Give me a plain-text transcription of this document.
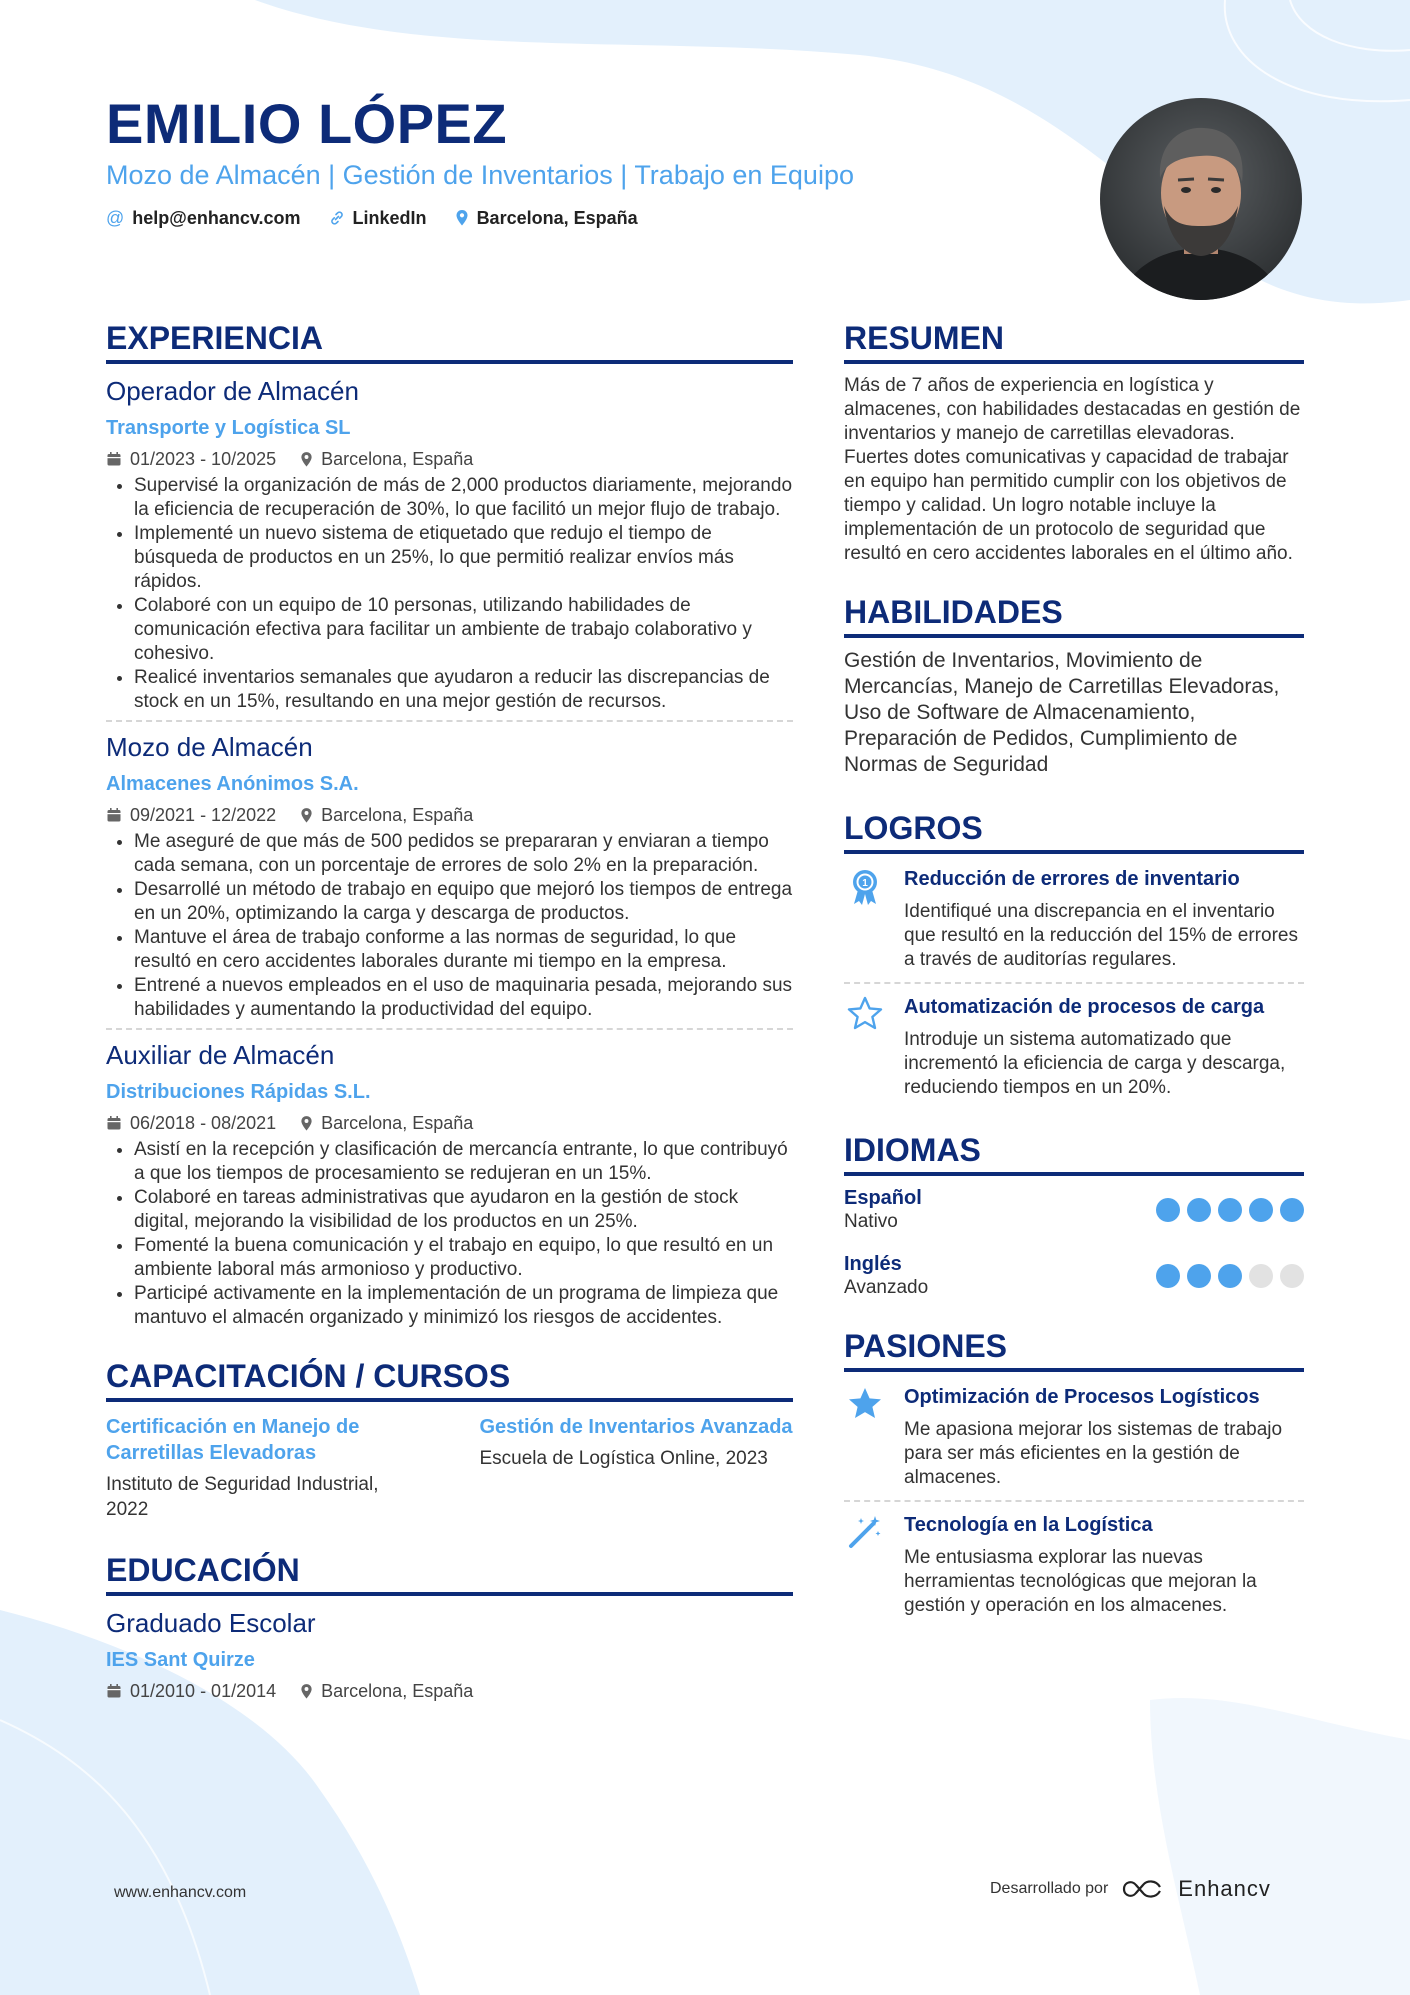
EMILIO LÓPEZ
Mozo de Almacén | Gestión de Inventarios | Trabajo en Equipo
@ help@enhancv.com	LinkedIn	Barcelona, España
EXPERIENCIA
Operador de Almacén
Transporte y Logística SL
01/2023 - 10/2025	Barcelona, España
• Supervisé la organización de más de 2,000 productos diariamente, mejorando la eficiencia de recuperación de 30%, lo que facilitó un mejor flujo de trabajo.
• Implementé un nuevo sistema de etiquetado que redujo el tiempo de búsqueda de productos en un 25%, lo que permitió realizar envíos más rápidos.
• Colaboré con un equipo de 10 personas, utilizando habilidades de comunicación efectiva para facilitar un ambiente de trabajo colaborativo y cohesivo.
• Realicé inventarios semanales que ayudaron a reducir las discrepancias de stock en un 15%, resultando en una mejor gestión de recursos.
Mozo de Almacén
Almacenes Anónimos S.A.
09/2021 - 12/2022	Barcelona, España
• Me aseguré de que más de 500 pedidos se prepararan y enviaran a tiempo cada semana, con un porcentaje de errores de solo 2% en la preparación.
• Desarrollé un método de trabajo en equipo que mejoró los tiempos de entrega en un 20%, optimizando la carga y descarga de productos.
• Mantuve el área de trabajo conforme a las normas de seguridad, lo que resultó en cero accidentes laborales durante mi tiempo en la empresa.
• Entrené a nuevos empleados en el uso de maquinaria pesada, mejorando sus habilidades y aumentando la productividad del equipo.
Auxiliar de Almacén
Distribuciones Rápidas S.L.
06/2018 - 08/2021	Barcelona, España
• Asistí en la recepción y clasificación de mercancía entrante, lo que contribuyó a que los tiempos de procesamiento se redujeran en un 15%.
• Colaboré en tareas administrativas que ayudaron en la gestión de stock digital, mejorando la visibilidad de los productos en un 25%.
• Fomenté la buena comunicación y el trabajo en equipo, lo que resultó en un ambiente laboral más armonioso y productivo.
• Participé activamente en la implementación de un programa de limpieza que mantuvo el almacén organizado y minimizó los riesgos de accidentes.
CAPACITACIÓN / CURSOS
Certificación en Manejo de Carretillas Elevadoras
Instituto de Seguridad Industrial, 2022
Gestión de Inventarios Avanzada
Escuela de Logística Online, 2023
EDUCACIÓN
Graduado Escolar
IES Sant Quirze
01/2010 - 01/2014	Barcelona, España
RESUMEN

Más de 7 años de experiencia en logística y almacenes, con habilidades destacadas en gestión de inventarios y manejo de carretillas elevadoras. Fuertes dotes comunicativas y capacidad de trabajar en equipo han permitido cumplir con los objetivos de tiempo y calidad. Un logro notable incluye la implementación de un protocolo de seguridad que resultó en cero accidentes laborales en el último año.

HABILIDADES

Gestión de Inventarios, Movimiento de Mercancías, Manejo de Carretillas Elevadoras, Uso de Software de Almacenamiento, Preparación de Pedidos, Cumplimiento de Normas de Seguridad

LOGROS
1 Reducción de errores de inventario
Identifiqué una discrepancia en el inventario que resultó en la reducción del 15% de errores a través de auditorías regulares.
Automatización de procesos de carga
Introduje un sistema automatizado que incrementó la eficiencia de carga y descarga, reduciendo tiempos en un 20%.
IDIOMAS
Español
Nativo
Inglés
Avanzado
PASIONES
Optimización de Procesos Logísticos
Me apasiona mejorar los sistemas de trabajo para ser más eficientes en la gestión de almacenes.
Tecnología en la Logística
Me entusiasma explorar las nuevas herramientas tecnológicas que mejoran la gestión y operación en los almacenes.
www.enhancv.com	Desarrollado por	Enhancv
